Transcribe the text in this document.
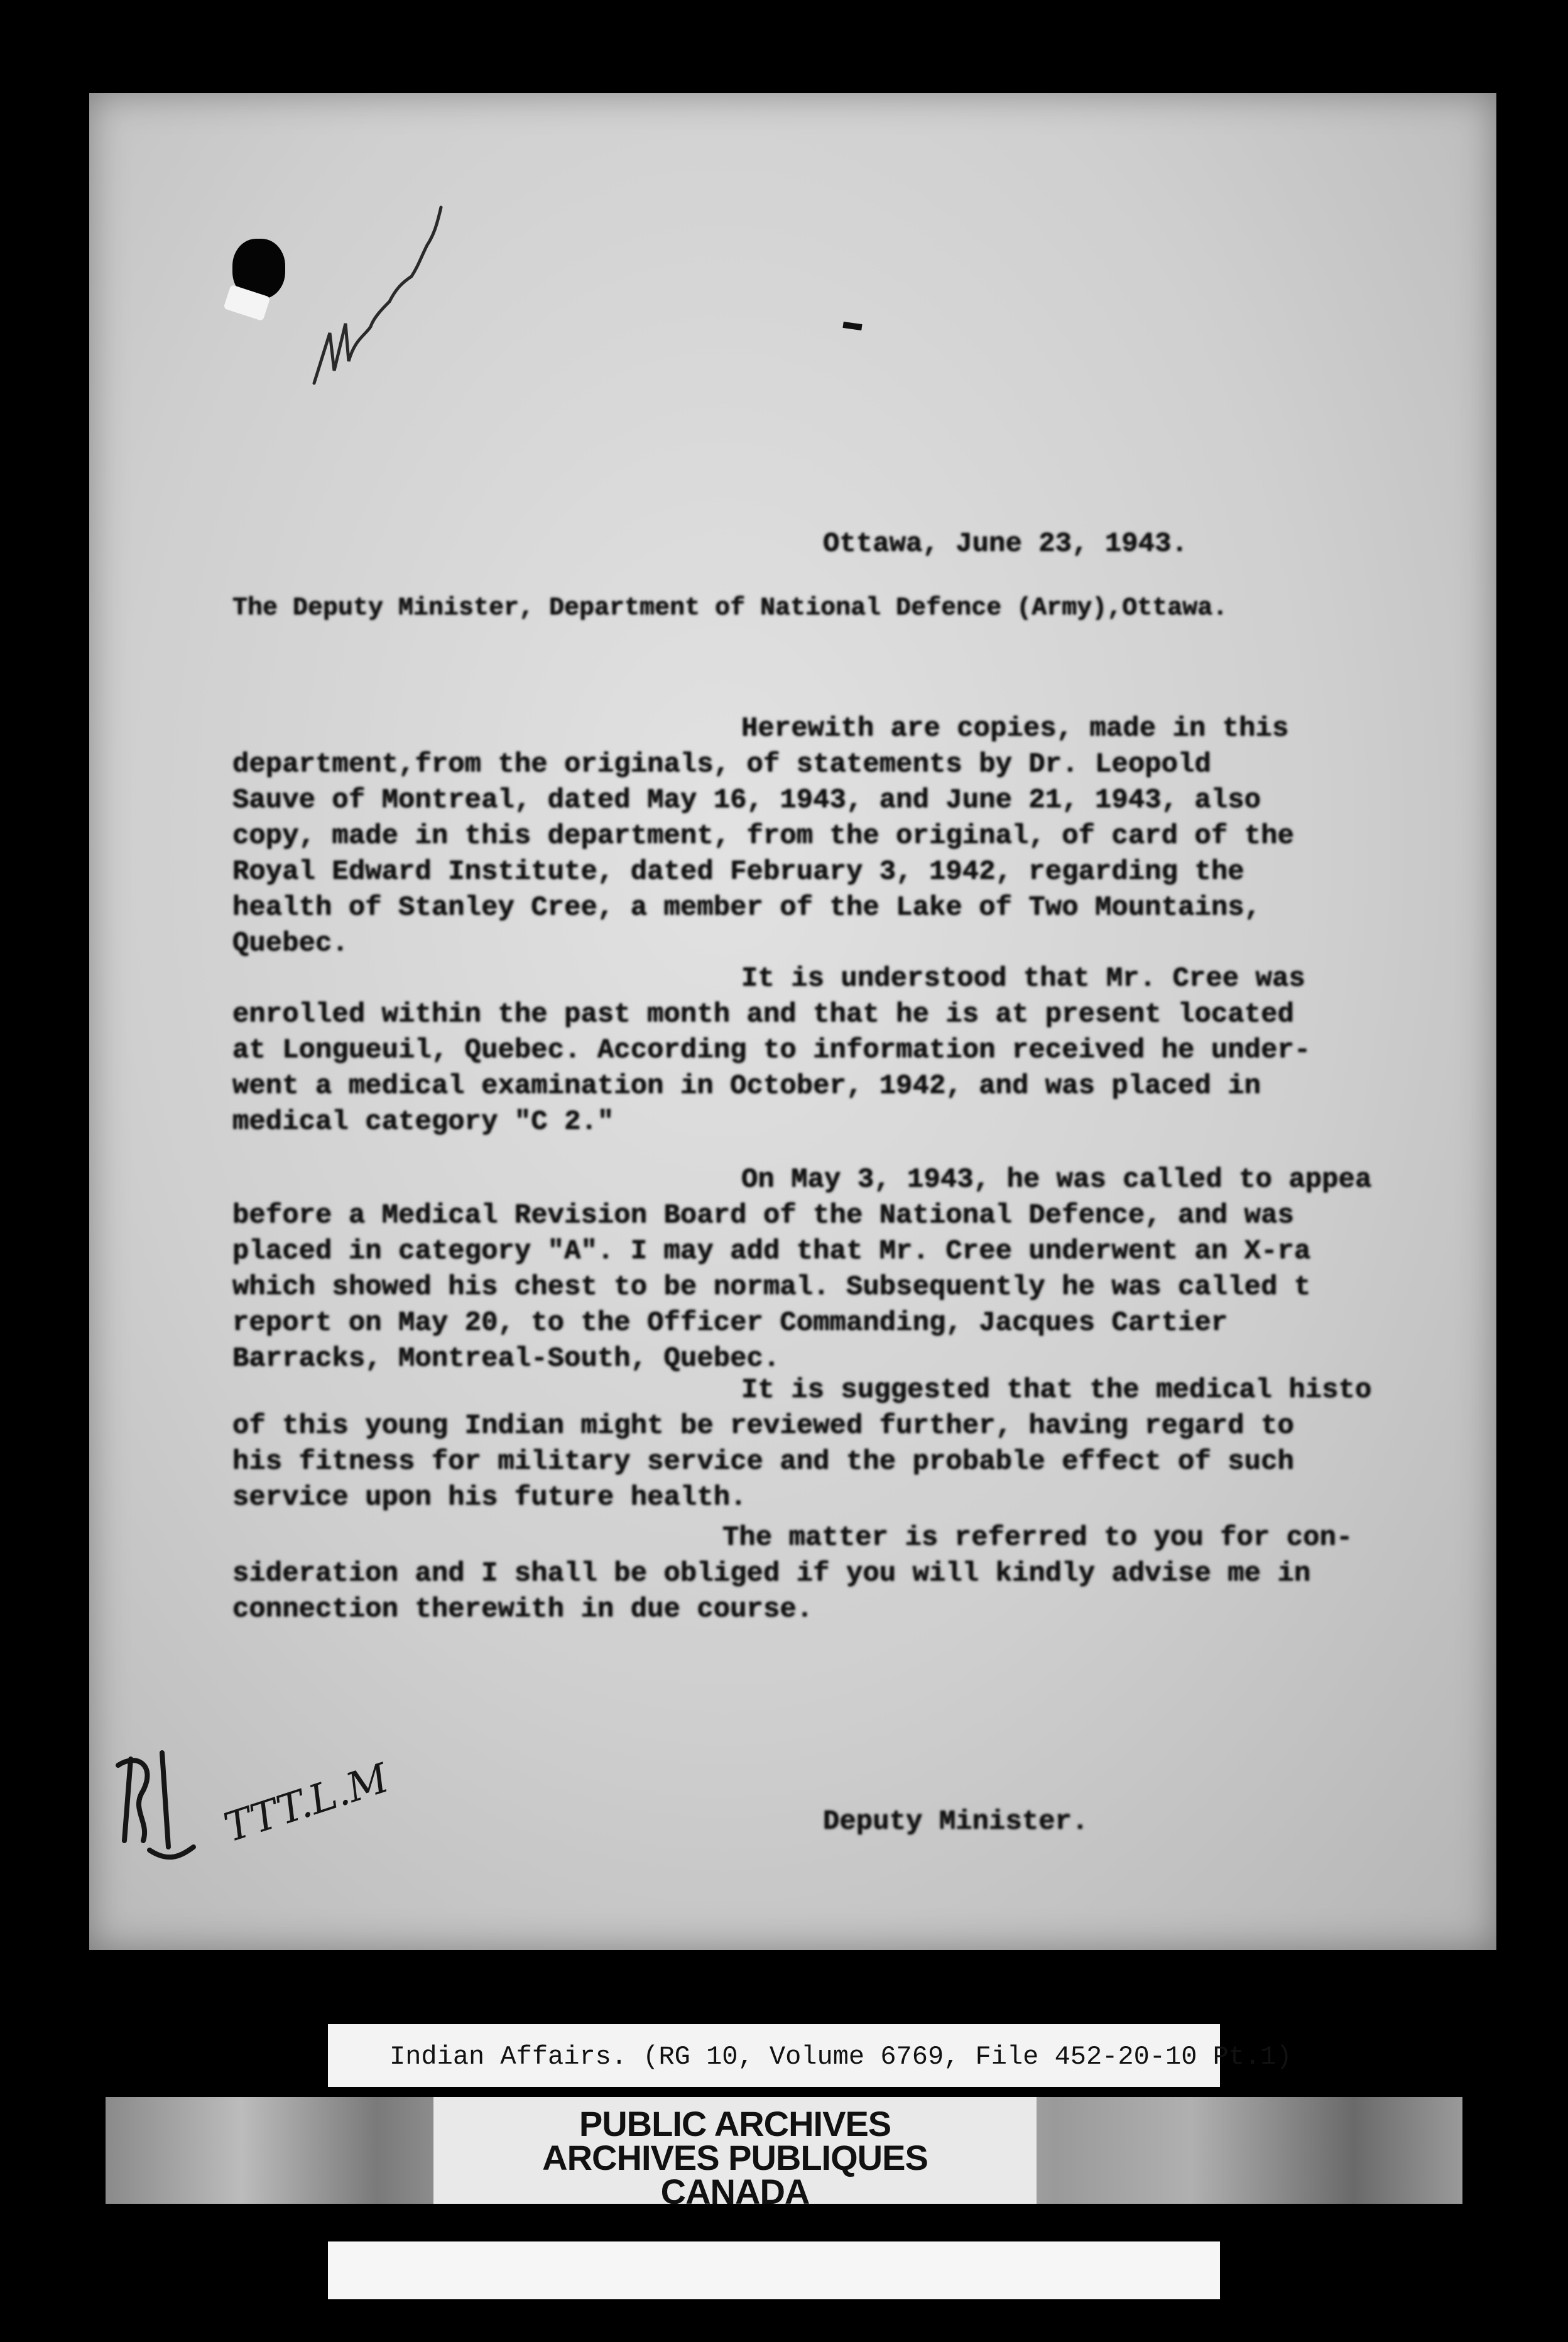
TTT.L.M
Ottawa, June 23, 1943.
The Deputy Minister, Department of National Defence (Army),Ottawa.
Herewith are copies, made in this
department,from the originals, of statements by Dr. Leopold
Sauve of Montreal, dated May 16, 1943, and June 21, 1943, also
copy, made in this department, from the original, of card of the
Royal Edward Institute, dated February 3, 1942, regarding the
health of Stanley Cree, a member of the Lake of Two Mountains,
Quebec.
It is understood that Mr. Cree was
enrolled within the past month and that he is at present located
at Longueuil, Quebec. According to information received he under-
went a medical examination in October, 1942, and was placed in
medical category "C 2."
On May 3, 1943, he was called to appea
before a Medical Revision Board of the National Defence, and was
placed in category "A". I may add that Mr. Cree underwent an X-ra
which showed his chest to be normal. Subsequently he was called t
report on May 20, to the Officer Commanding, Jacques Cartier
Barracks, Montreal-South, Quebec.
It is suggested that the medical histo
of this young Indian might be reviewed further, having regard to
his fitness for military service and the probable effect of such
service upon his future health.
The matter is referred to you for con-
sideration and I shall be obliged if you will kindly advise me in
connection therewith in due course.
Deputy Minister.
Indian Affairs. (RG 10, Volume 6769, File 452-20-10 Pt.1)
PUBLIC ARCHIVES
ARCHIVES PUBLIQUES
CANADA
